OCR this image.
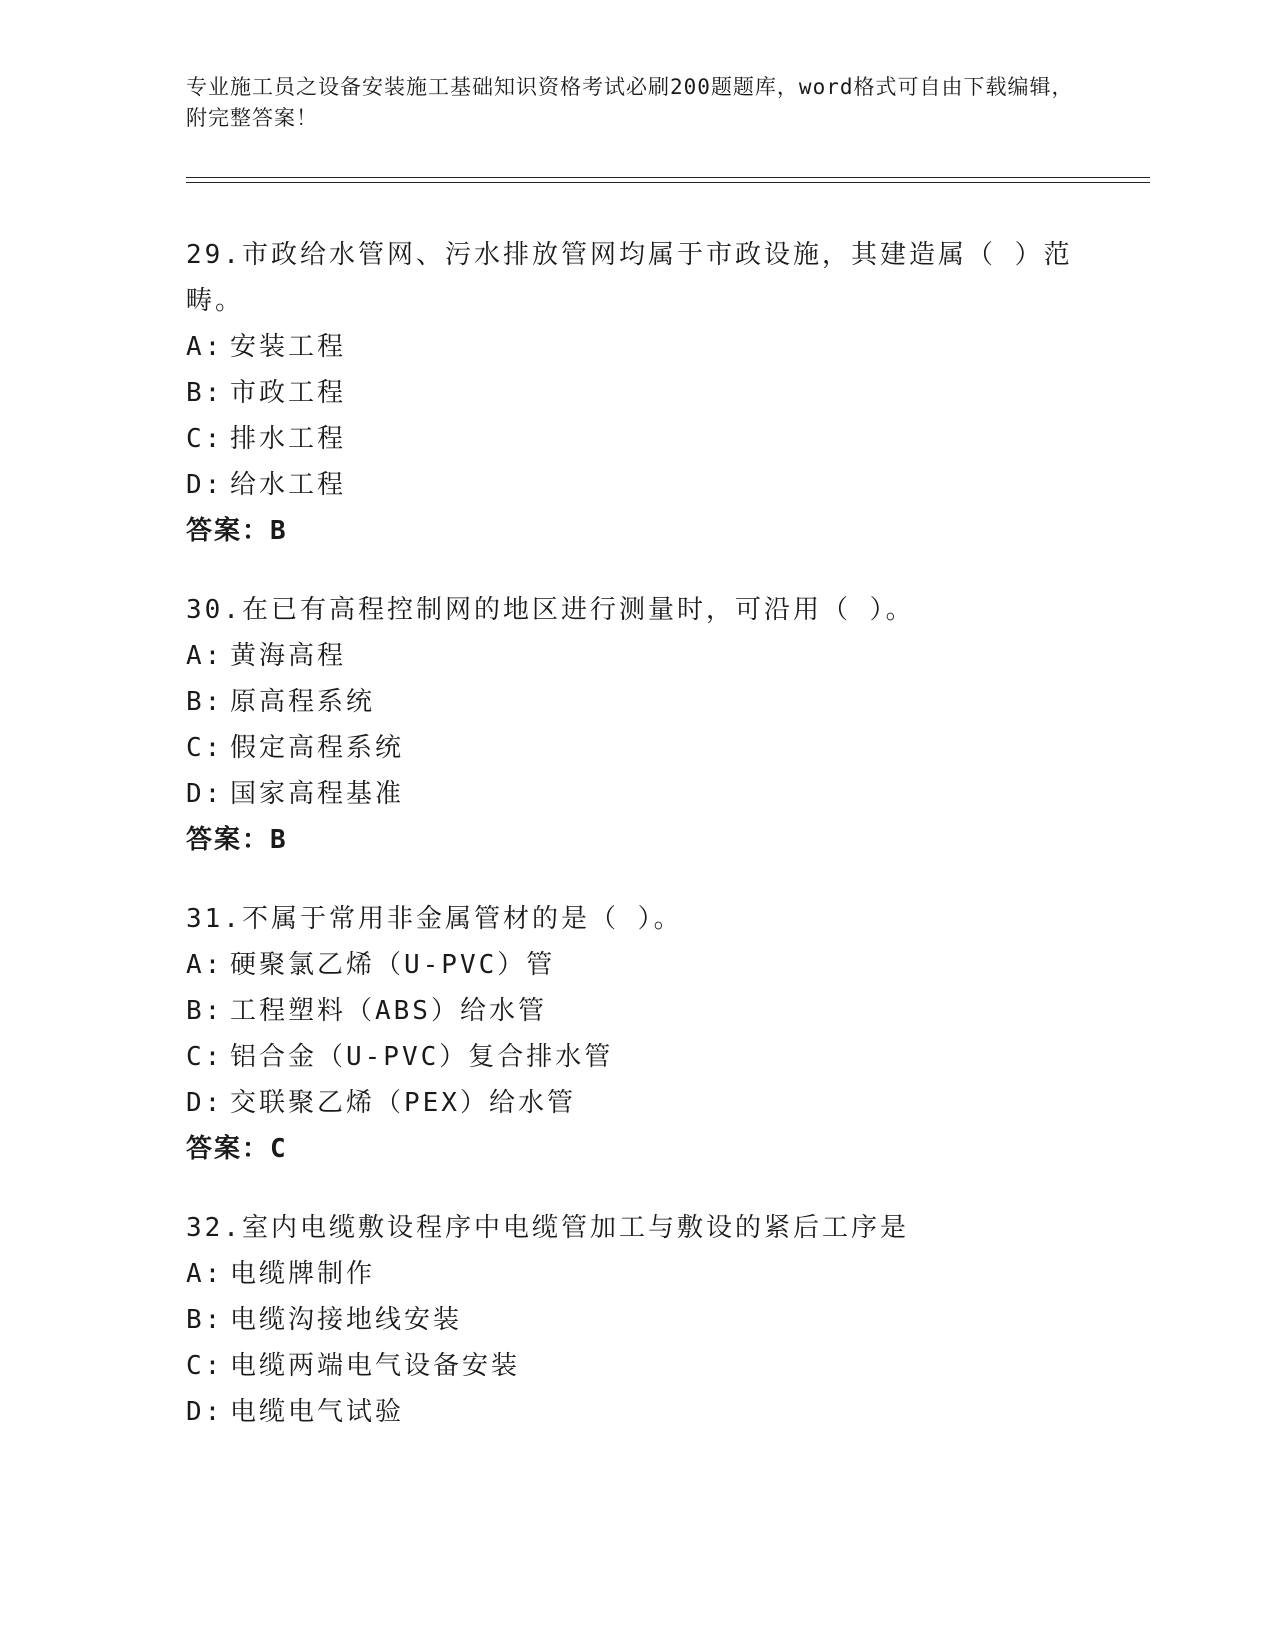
专业施工员之设备安装施工基础知识资格考试必刷200题题库，word格式可自由下载编辑，附完整答案！
29.市政给水管网、污水排放管网均属于市政设施，其建造属（ ）范畴。
A: 安装工程
B: 市政工程
C: 排水工程
D: 给水工程
答案：B
30.在已有高程控制网的地区进行测量时，可沿用（ ）。
A: 黄海高程
B: 原高程系统
C: 假定高程系统
D: 国家高程基准
答案：B
31.不属于常用非金属管材的是（ ）。
A: 硬聚氯乙烯（U-PVC）管
B: 工程塑料（ABS）给水管
C: 铝合金（U-PVC）复合排水管
D: 交联聚乙烯（PEX）给水管
答案：C
32.室内电缆敷设程序中电缆管加工与敷设的紧后工序是
A: 电缆牌制作
B: 电缆沟接地线安装
C: 电缆两端电气设备安装
D: 电缆电气试验
